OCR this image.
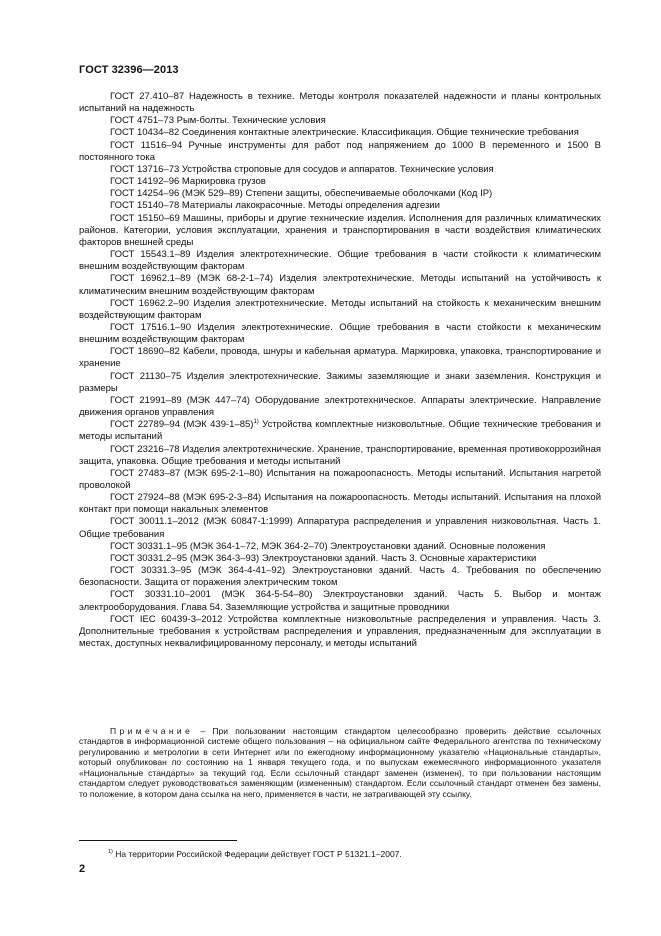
ГОСТ 32396—2013

ГОСТ 27.410–87 Надежность в технике. Методы контроля показателей надежности и планы контрольных испытаний на надежность

ГОСТ 4751–73 Рым-болты. Технические условия

ГОСТ 10434–82 Соединения контактные электрические. Классификация. Общие технические требования

ГОСТ 11516–94 Ручные инструменты для работ под напряжением до 1000 В переменного и 1500 В постоянного тока

ГОСТ 13716–73 Устройства строповые для сосудов и аппаратов. Технические условия

ГОСТ 14192–96 Маркировка грузов

ГОСТ 14254–96 (МЭК 529–89) Степени защиты, обеспечиваемые оболочками (Код IP)

ГОСТ 15140–78 Материалы лакокрасочные. Методы определения адгезии

ГОСТ 15150–69 Машины, приборы и другие технические изделия. Исполнения для различных климатических районов. Категории, условия эксплуатации, хранения и транспортирования в части воздействия климатических факторов внешней среды

ГОСТ 15543.1–89 Изделия электротехнические. Общие требования в части стойкости к климатическим внешним воздействующим факторам

ГОСТ 16962.1–89 (МЭК 68-2-1–74) Изделия электротехнические. Методы испытаний на устойчивость к климатическим внешним воздействующим факторам

ГОСТ 16962.2–90 Изделия электротехнические. Методы испытаний на стойкость к механическим внешним воздействующим факторам

ГОСТ 17516.1–90 Изделия электротехнические. Общие требования в части стойкости к механическим внешним воздействующим факторам

ГОСТ 18690–82 Кабели, провода, шнуры и кабельная арматура. Маркировка, упаковка, транспортирование и хранение

ГОСТ 21130–75 Изделия электротехнические. Зажимы заземляющие и знаки заземления. Конструкция и размеры

ГОСТ 21991–89 (МЭК 447–74) Оборудование электротехническое. Аппараты электрические. Направление движения органов управления

ГОСТ 22789–94 (МЭК 439-1–85)$^{1)}$ Устройства комплектные низковольтные. Общие технические требования и методы испытаний

ГОСТ 23216–78 Изделия электротехнические. Хранение, транспортирование, временная противокоррозийная защита, упаковка. Общие требования и методы испытаний

ГОСТ 27483–87 (МЭК 695-2-1–80) Испытания на пожароопасность. Методы испытаний. Испытания нагретой проволокой

ГОСТ 27924–88 (МЭК 695-2-3–84) Испытания на пожароопасность. Методы испытаний. Испытания на плохой контакт при помощи накальных элементов

ГОСТ 30011.1–2012 (МЭК 60847-1:1999) Аппаратура распределения и управления низковольтная. Часть 1. Общие требования

ГОСТ 30331.1–95 (МЭК 364-1–72, МЭК 364-2–70) Электроустановки зданий. Основные положения

ГОСТ 30331.2–95 (МЭК 364-3–93) Электроустановки зданий. Часть 3. Основные характеристики

ГОСТ 30331.3–95 (МЭК 364-4-41–92) Электроустановки зданий. Часть 4. Требования по обеспечению безопасности. Защита от поражения электрическим током

ГОСТ 30331.10–2001 (МЭК 364-5-54–80) Электроустановки зданий. Часть 5. Выбор и монтаж электрооборудования. Глава 54. Заземляющие устройства и защитные проводники

ГОСТ IEC 60439-3–2012 Устройства комплектные низковольтные распределения и управления. Часть 3. Дополнительные требования к устройствам распределения и управления, предназначенным для эксплуатации в местах, доступных неквалифицированному персоналу, и методы испытаний

Примечание – При пользовании настоящим стандартом целесообразно проверить действие ссылочных стандартов в информационной системе общего пользования – на официальном сайте Федерального агентства по техническому регулированию и метрологии в сети Интернет или по ежегодному информационному указателю «Национальные стандарты», который опубликован по состоянию на 1 января текущего года, и по выпускам ежемесячного информационного указателя «Национальные стандарты» за текущий год. Если ссылочный стандарт заменен (изменен), то при пользовании настоящим стандартом следует руководствоваться заменяющим (измененным) стандартом. Если ссылочный стандарт отменен без замены, то положение, в котором дана ссылка на него, применяется в части, не затрагивающей эту ссылку.

$^{1)}$ На территории Российской Федерации действует ГОСТ Р 51321.1–2007.
2
